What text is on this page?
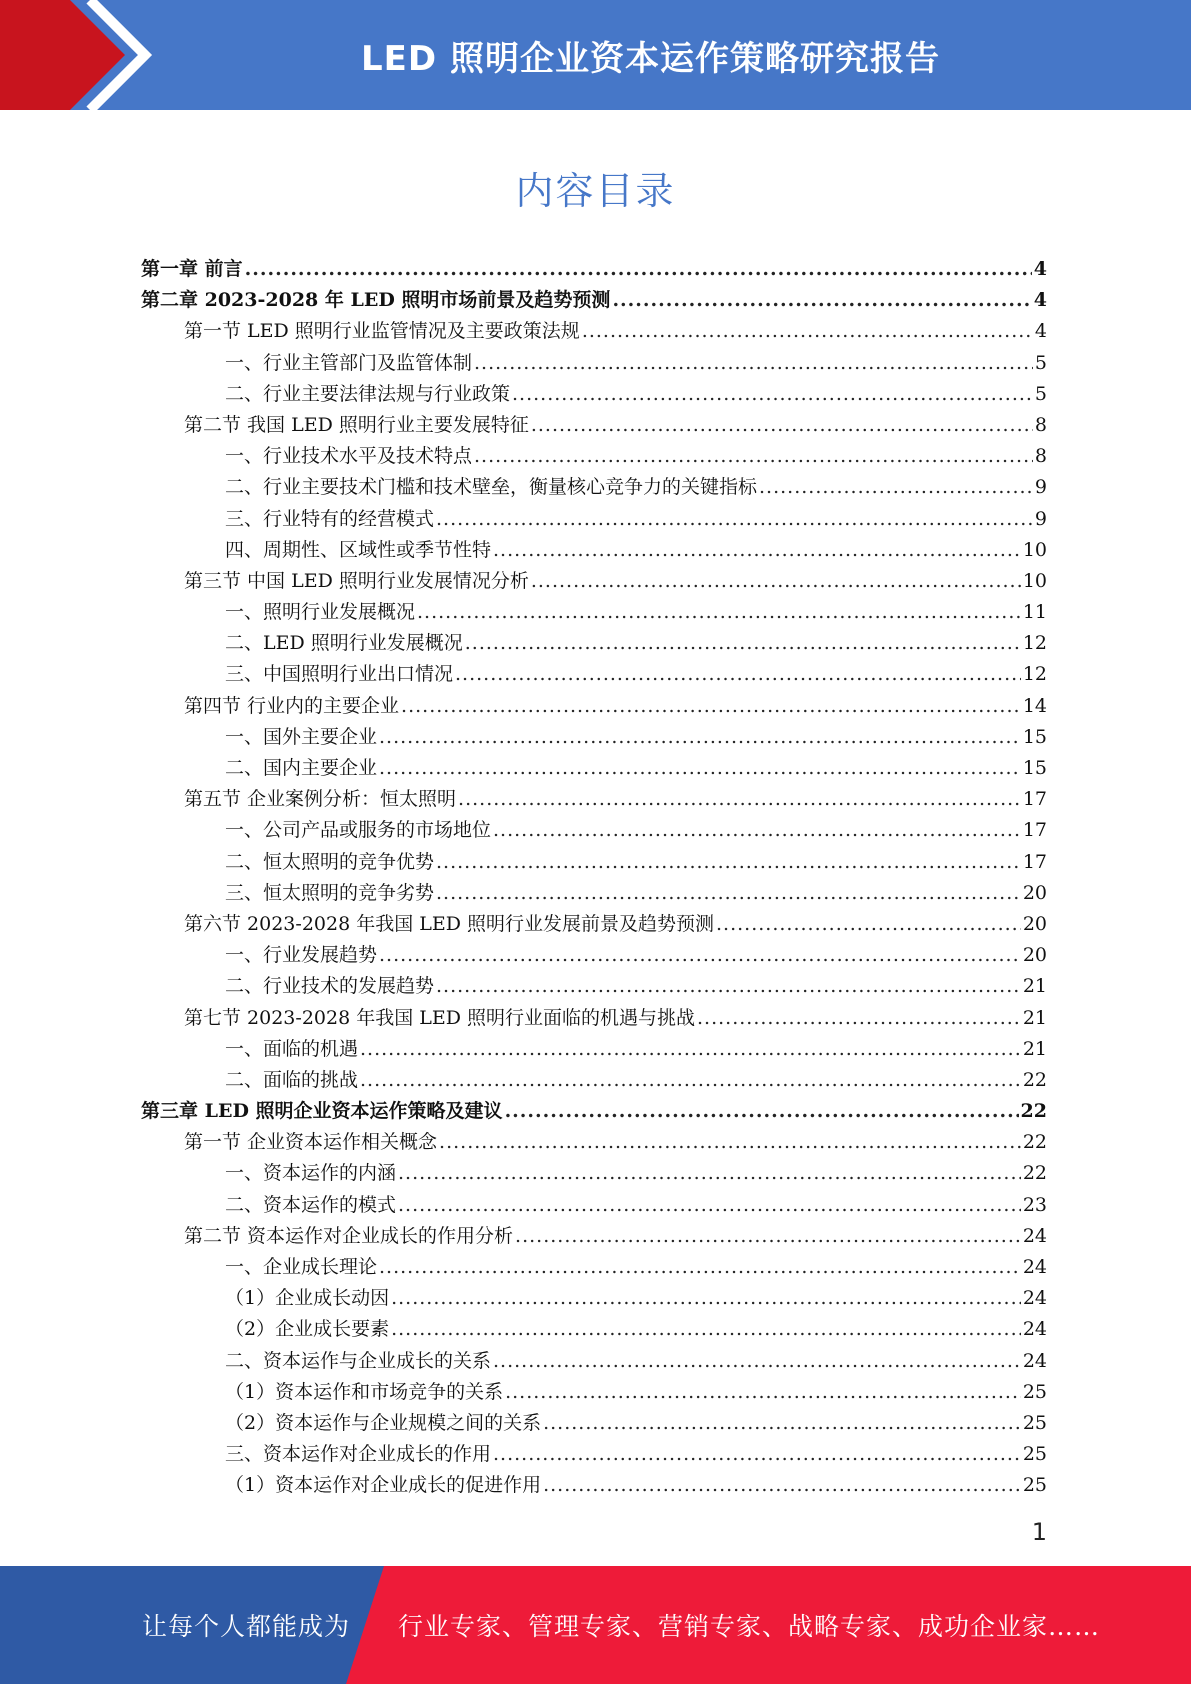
LED 照明企业资本运作策略研究报告
内容目录
第一章 前言 .....	4
第二章 2023-2028 年 LED 照明市场前景及趋势预测 .....	4
第一节 LED 照明行业监管情况及主要政策法规 .....	4
一、行业主管部门及监管体制 .....	5
二、行业主要法律法规与行业政策 .....	5
第二节 我国 LED 照明行业主要发展特征 .....	8
一、行业技术水平及技术特点 .....	8
二、行业主要技术门槛和技术壁垒，衡量核心竞争力的关键指标 .....	9
三、行业特有的经营模式 .....	9
四、周期性、区域性或季节性特 .....	10
第三节 中国 LED 照明行业发展情况分析 .....	10
一、照明行业发展概况 .....	11
二、LED 照明行业发展概况 .....	12
三、中国照明行业出口情况 .....	12
第四节 行业内的主要企业 .....	14
一、国外主要企业 .....	15
二、国内主要企业 .....	15
第五节 企业案例分析：恒太照明 .....	17
一、公司产品或服务的市场地位 .....	17
二、恒太照明的竞争优势 .....	17
三、恒太照明的竞争劣势 .....	20
第六节 2023-2028 年我国 LED 照明行业发展前景及趋势预测 .....	20
一、行业发展趋势 .....	20
二、行业技术的发展趋势 .....	21
第七节 2023-2028 年我国 LED 照明行业面临的机遇与挑战 .....	21
一、面临的机遇 .....	21
二、面临的挑战 .....	22
第三章 LED 照明企业资本运作策略及建议 .....	22
第一节 企业资本运作相关概念 .....	22
一、资本运作的内涵 .....	22
二、资本运作的模式 .....	23
第二节 资本运作对企业成长的作用分析 .....	24
一、企业成长理论 .....	24
（1）企业成长动因 .....	24
（2）企业成长要素 .....	24
二、资本运作与企业成长的关系 .....	24
（1）资本运作和市场竞争的关系 .....	25
（2）资本运作与企业规模之间的关系 .....	25
三、资本运作对企业成长的作用 .....	25
（1）资本运作对企业成长的促进作用 .....	25
1
让每个人都能成为 行业专家、管理专家、营销专家、战略专家、成功企业家……
